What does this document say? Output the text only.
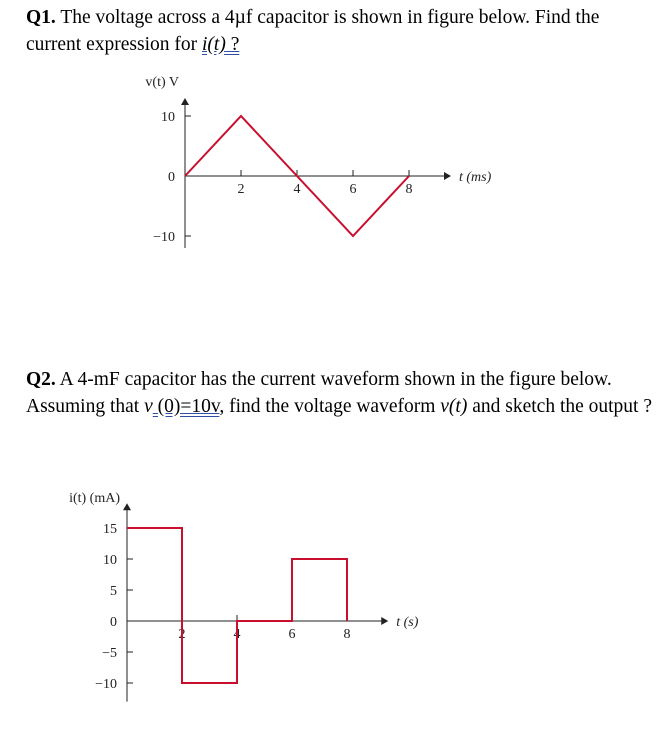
Q1. The voltage across a 4µf capacitor is shown in figure below. Find the current expression for i(t) ?
Q2. A 4-mF capacitor has the current waveform shown in the figure below. Assuming that v (0)=10v, find the voltage waveform v(t) and sketch the output ?
10
0
−10
2	4	6	8
v(t) V
t (ms)
15
10
5
0
−5
−10
2	4	6	8
i(t) (mA)
t (s)
